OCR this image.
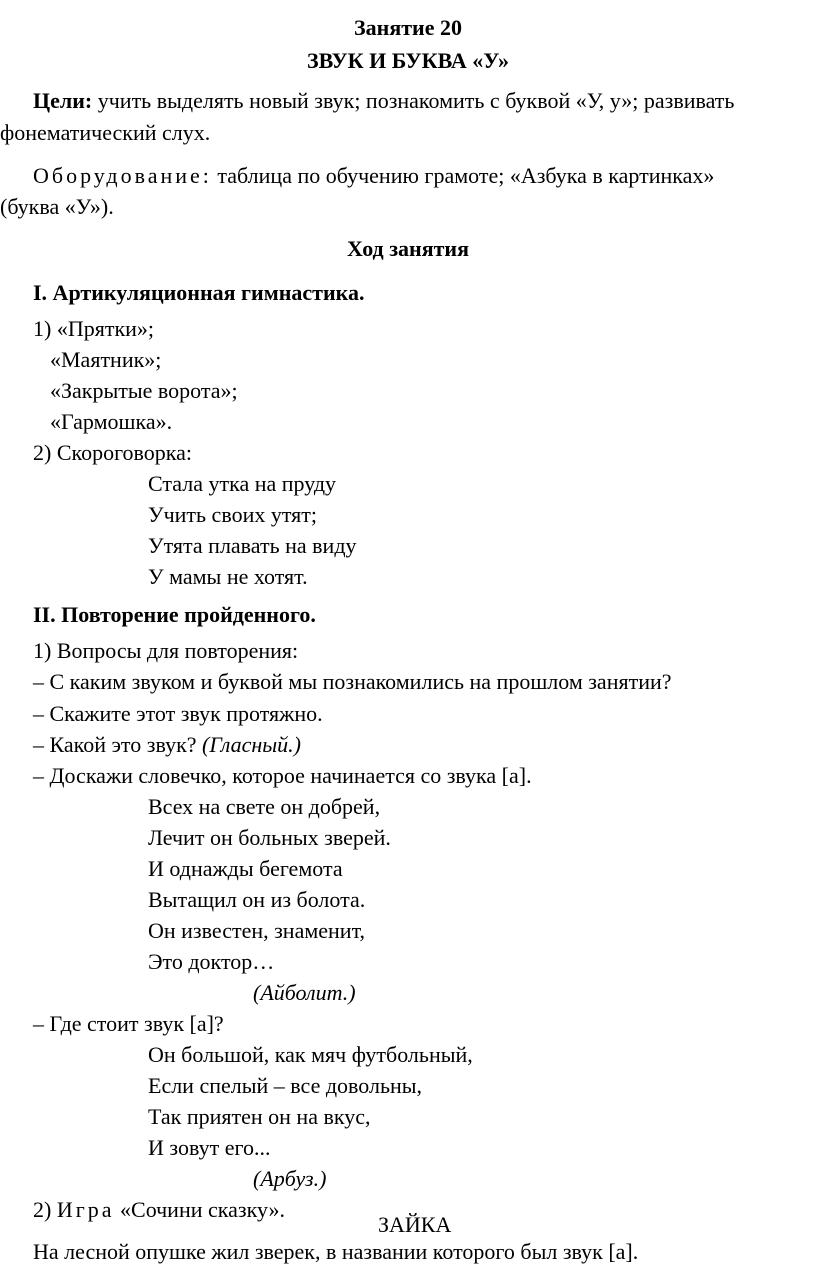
Занятие 20
ЗВУК И БУКВА «У»
Цели: учить выделять новый звук; познакомить с буквой «У, у»; развивать
фонематический слух.
Оборудование: таблица по обучению грамоте; «Азбука в картинках»
(буква «У»).
Ход занятия
I. Артикуляционная гимнастика.
1) «Прятки»;
«Маятник»;
«Закрытые ворота»;
«Гармошка».
2) Скороговорка:
Стала утка на пруду
Учить своих утят;
Утята плавать на виду
У мамы не хотят.
II. Повторение пройденного.
1) Вопросы для повторения:
– С каким звуком и буквой мы познакомились на прошлом занятии?
– Скажите этот звук протяжно.
– Какой это звук? (Гласный.)
– Доскажи словечко, которое начинается со звука [а].
Всех на свете он добрей,
Лечит он больных зверей.
И однажды бегемота
Вытащил он из болота.
Он известен, знаменит,
Это доктор…
(Айболит.)
– Где стоит звук [а]?
Он большой, как мяч футбольный,
Если спелый – все довольны,
Так приятен он на вкус,
И зовут его...
(Арбуз.)
2) Игра «Сочини сказку».
ЗАЙКА
На лесной опушке жил зверек, в названии которого был звук [а].
